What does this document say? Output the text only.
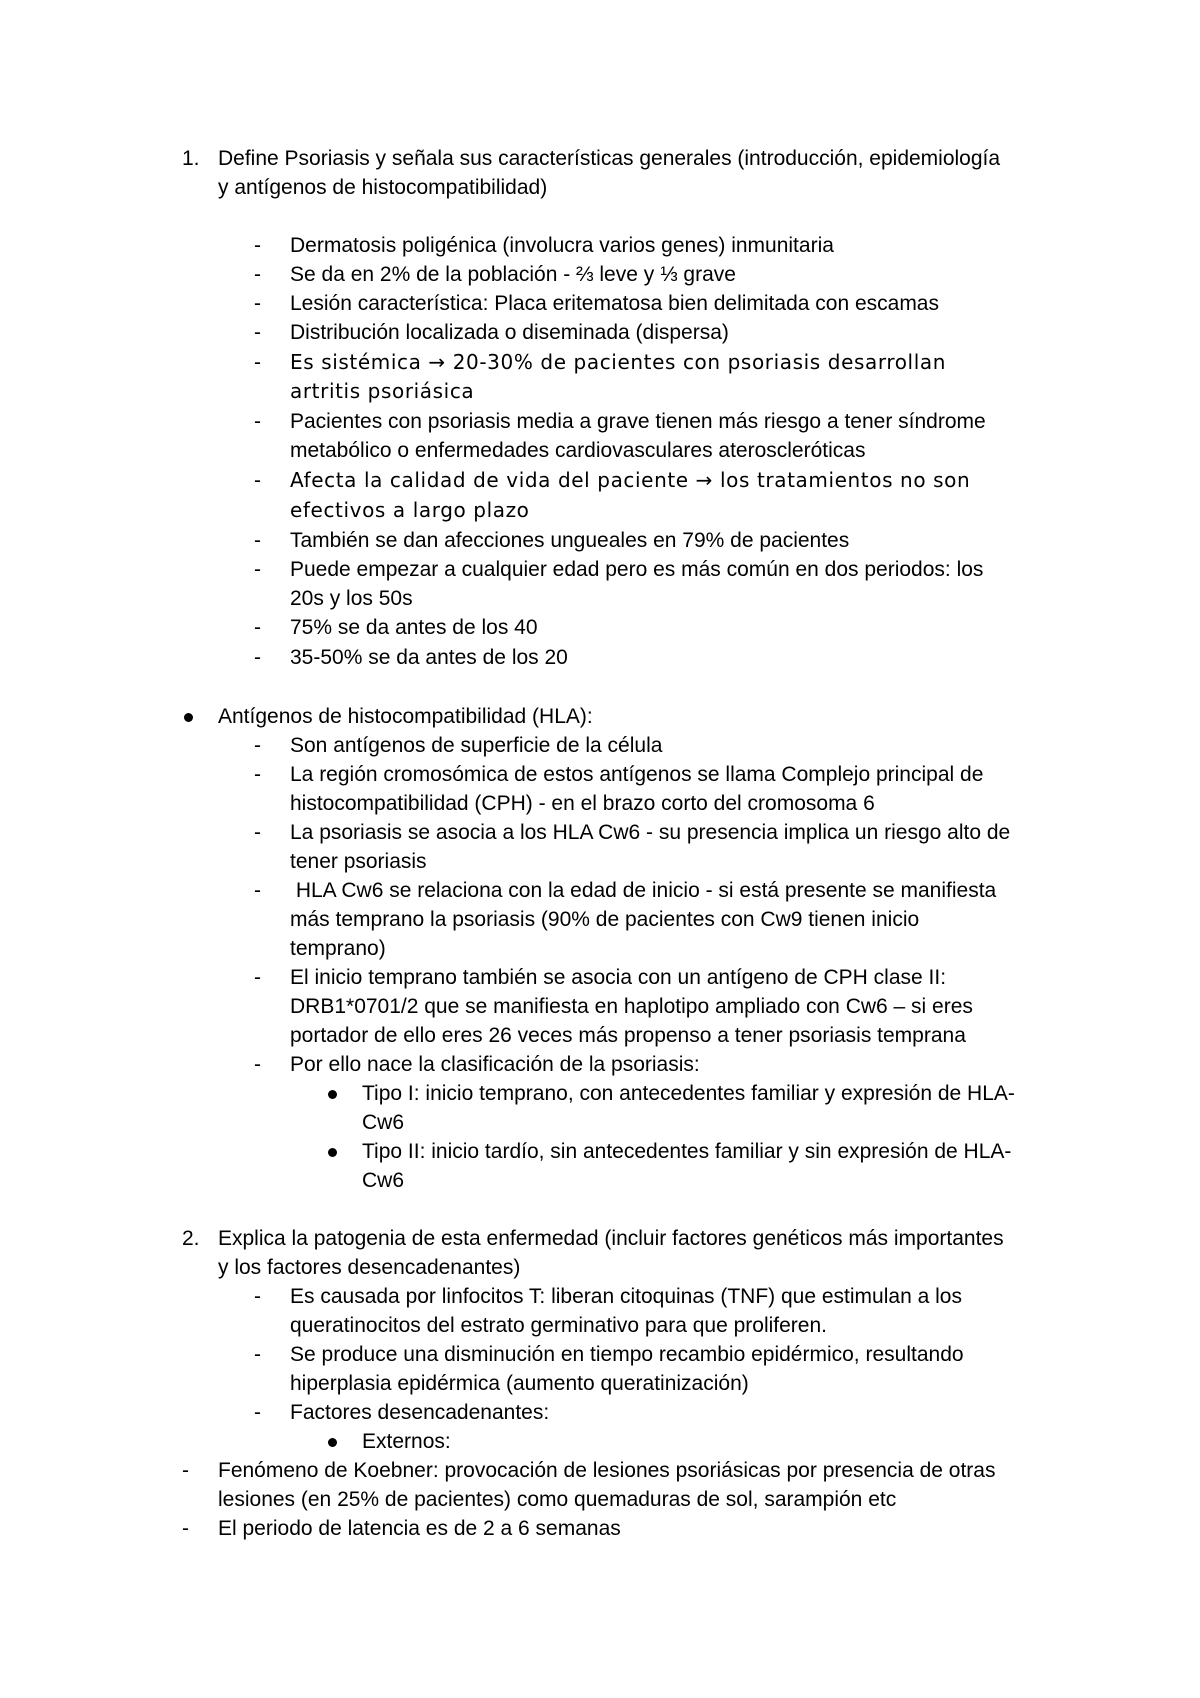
1. Define Psoriasis y señala sus características generales (introducción, epidemiología
y antígenos de histocompatibilidad)
- Dermatosis poligénica (involucra varios genes) inmunitaria
- Se da en 2% de la población - ⅔ leve y ⅓ grave
- Lesión característica: Placa eritematosa bien delimitada con escamas
- Distribución localizada o diseminada (dispersa)
- Es sistémica → 20-30% de pacientes con psoriasis desarrollan
artritis psoriásica
- Pacientes con psoriasis media a grave tienen más riesgo a tener síndrome
metabólico o enfermedades cardiovasculares ateroscleróticas
- Afecta la calidad de vida del paciente → los tratamientos no son
efectivos a largo plazo
- También se dan afecciones ungueales en 79% de pacientes
- Puede empezar a cualquier edad pero es más común en dos periodos: los
20s y los 50s
- 75% se da antes de los 40
- 35-50% se da antes de los 20
Antígenos de histocompatibilidad (HLA):
- Son antígenos de superficie de la célula
- La región cromosómica de estos antígenos se llama Complejo principal de
histocompatibilidad (CPH) - en el brazo corto del cromosoma 6
- La psoriasis se asocia a los HLA Cw6 - su presencia implica un riesgo alto de
tener psoriasis
- HLA Cw6 se relaciona con la edad de inicio - si está presente se manifiesta
más temprano la psoriasis (90% de pacientes con Cw9 tienen inicio
temprano)
- El inicio temprano también se asocia con un antígeno de CPH clase II:
DRB1*0701/2 que se manifiesta en haplotipo ampliado con Cw6 – si eres
portador de ello eres 26 veces más propenso a tener psoriasis temprana
- Por ello nace la clasificación de la psoriasis:
Tipo I: inicio temprano, con antecedentes familiar y expresión de HLA-
Cw6
Tipo II: inicio tardío, sin antecedentes familiar y sin expresión de HLA-
Cw6
2. Explica la patogenia de esta enfermedad (incluir factores genéticos más importantes
y los factores desencadenantes)
- Es causada por linfocitos T: liberan citoquinas (TNF) que estimulan a los
queratinocitos del estrato germinativo para que proliferen.
- Se produce una disminución en tiempo recambio epidérmico, resultando
hiperplasia epidérmica (aumento queratinización)
- Factores desencadenantes:
Externos:
- Fenómeno de Koebner: provocación de lesiones psoriásicas por presencia de otras
lesiones (en 25% de pacientes) como quemaduras de sol, sarampión etc
- El periodo de latencia es de 2 a 6 semanas
